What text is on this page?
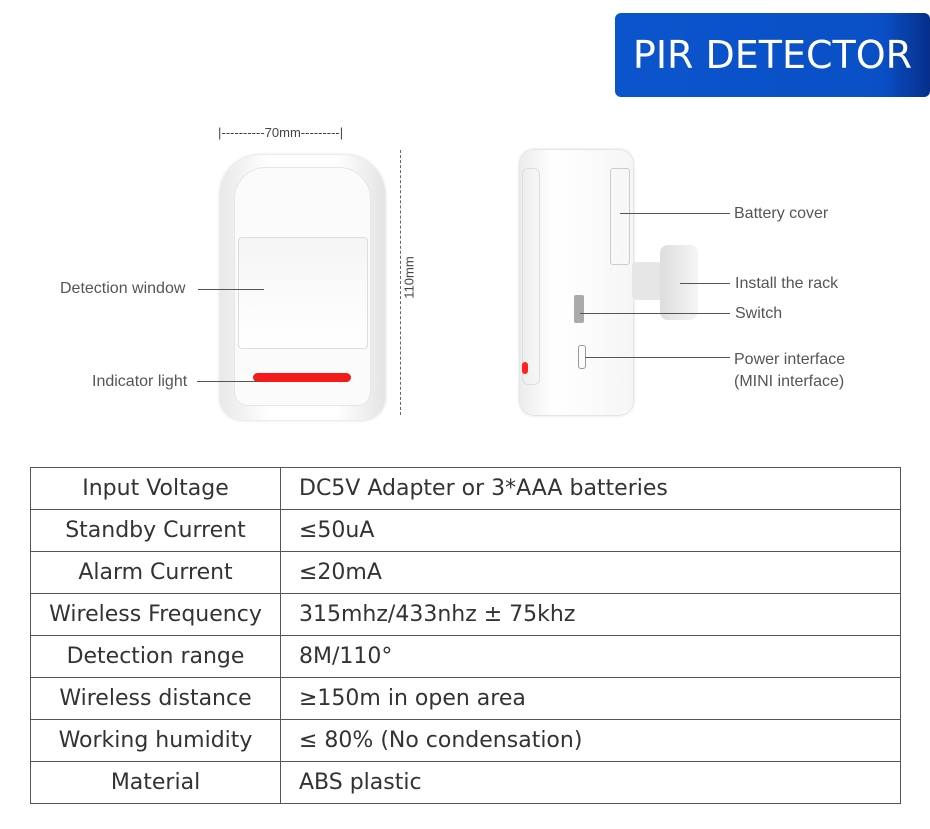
PIR DETECTOR
|----------70mm---------|
110mm
Detection window
Indicator light
Battery cover
Install the rack
Switch
Power interface
(MINI interface)
Input Voltage	DC5V Adapter or 3*AAA batteries
Standby Current	≤50uA
Alarm Current	≤20mA
Wireless Frequency	315mhz/433nhz ± 75khz
Detection range	8M/110°
Wireless distance	≥150m in open area
Working humidity	≤ 80% (No condensation)
Material	ABS plastic
